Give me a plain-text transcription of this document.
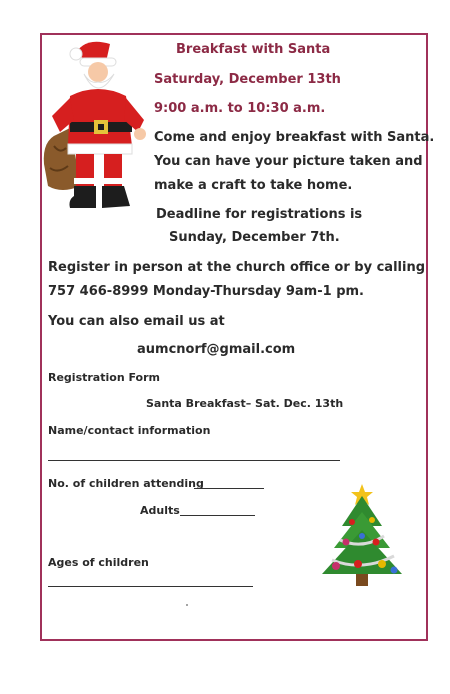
Breakfast with Santa
Saturday, December 13th
9:00 a.m. to 10:30 a.m.
Come and enjoy breakfast with Santa.
You can have your picture taken and
make a craft to take home.
Deadline for registrations is
Sunday, December 7th.
Register in person at the church office or by calling
757 466-8999 Monday-Thursday 9am-1 pm.
You can also email us at
aumcnorf@gmail.com
Registration Form
Santa Breakfast– Sat. Dec. 13th
Name/contact information
No. of children attending
Adults
Ages of children
